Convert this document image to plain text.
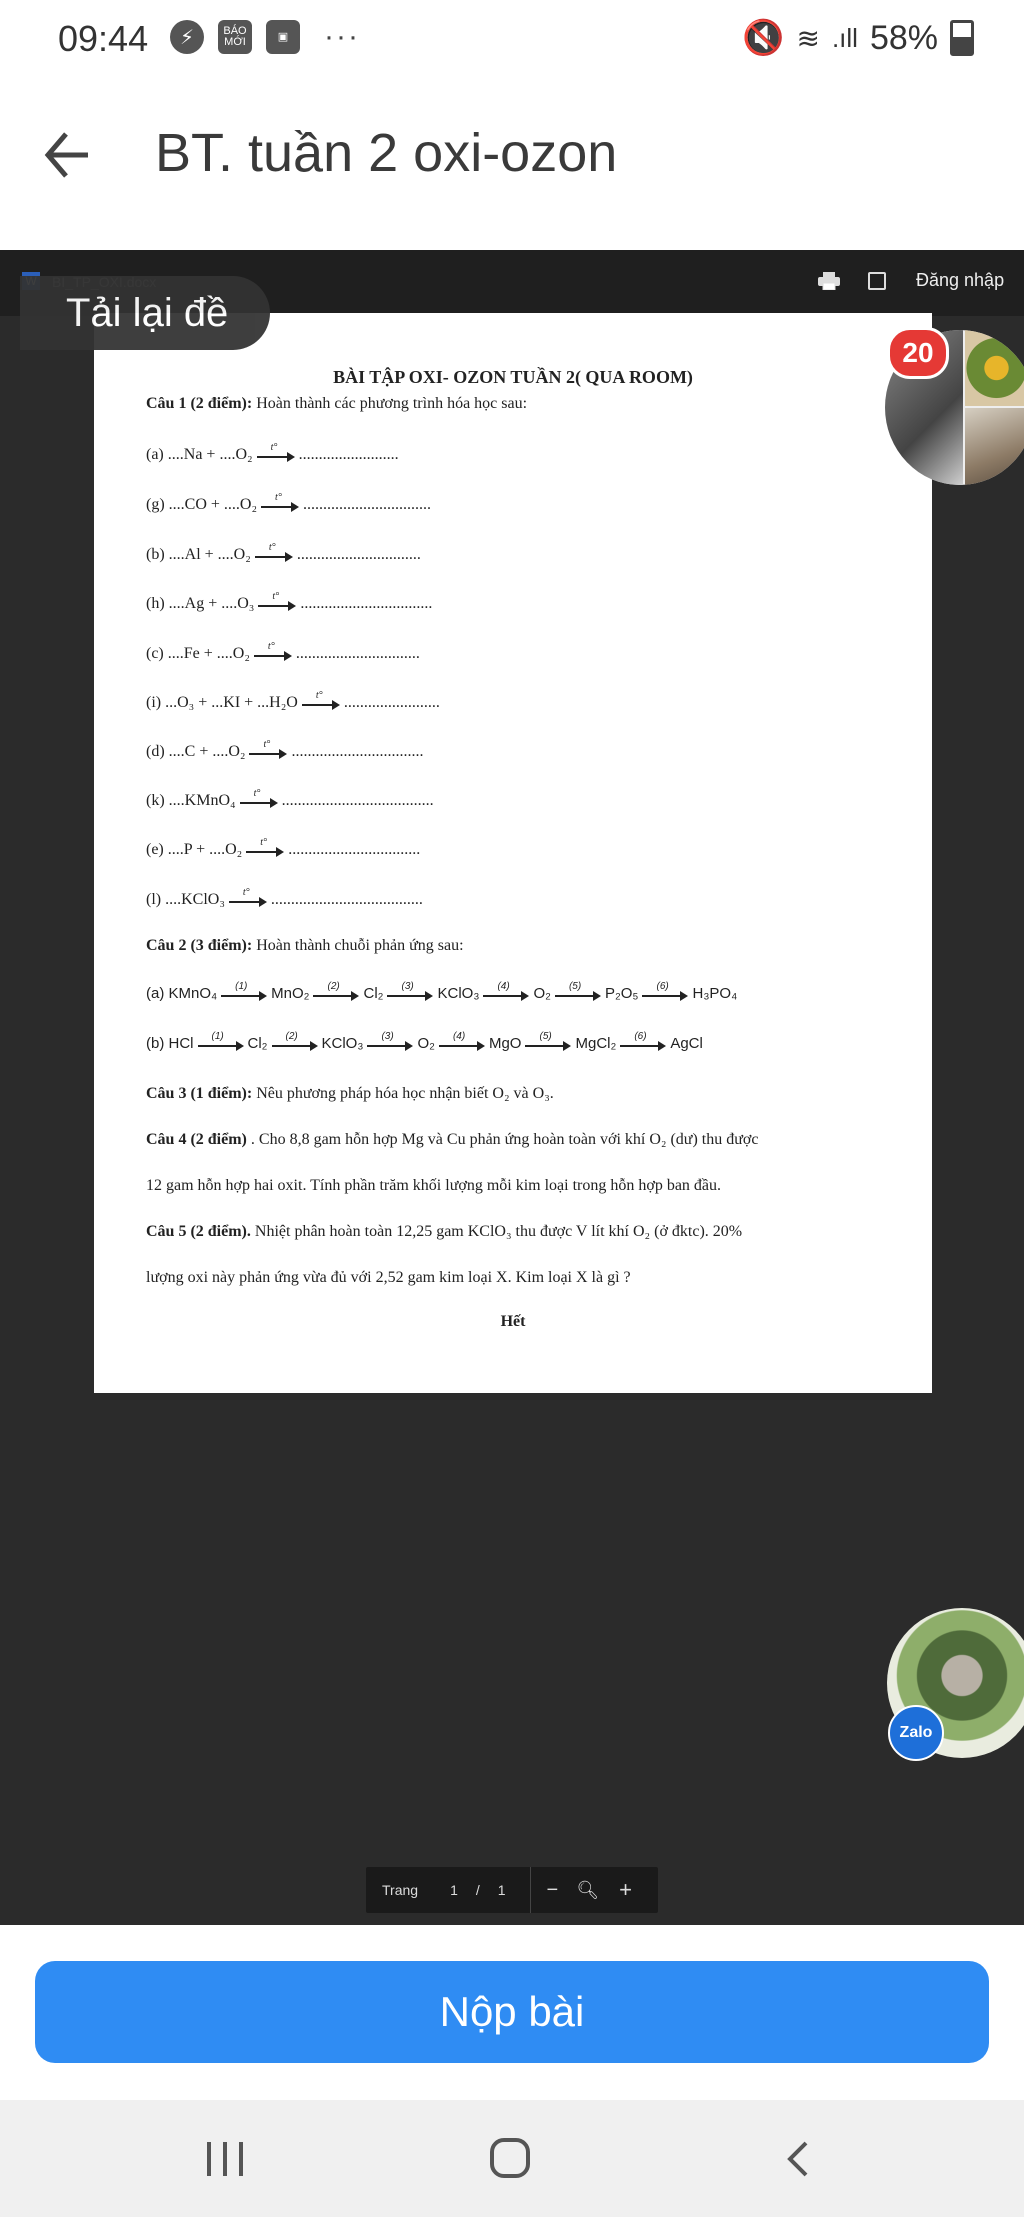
09:44	⚡	BÁO MỚI	▣	···	🔇 ≋ .ıll 58%
BT. tuần 2 oxi-ozon
Đăng nhập
BÀI TẬP OXI- OZON TUẦN 2( QUA ROOM)
Câu 1 (2 điểm): Hoàn thành các phương trình hóa học sau:
(a) ....Na + ....O₂ t° .........................
(g) ....CO + ....O₂ t° ................................
(b) ....Al + ....O₂ t° ...............................
(h) ....Ag + ....O₃ t° .................................
(c) ....Fe + ....O₂ t° ...............................
(i) ...O₃ + ...KI + ...H₂O t° ........................
(d) ....C + ....O₂ t° .................................
(k) ....KMnO₄ t° ......................................
(e) ....P + ....O₂ t° .................................
(l) ....KClO₃ t° ......................................
Câu 2 (3 điểm): Hoàn thành chuỗi phản ứng sau:
(a) KMnO₄ (1) MnO₂ (2) Cl₂ (3) KClO₃ (4) O₂ (5) P₂O₅ (6) H₃PO₄
(b) HCl (1) Cl₂ (2) KClO₃ (3) O₂ (4) MgO (5) MgCl₂ (6) AgCl
Câu 3 (1 điểm): Nêu phương pháp hóa học nhận biết O₂ và O₃.
Câu 4 (2 điểm) . Cho 8,8 gam hỗn hợp Mg và Cu phản ứng hoàn toàn với khí O₂ (dư) thu được
12 gam hỗn hợp hai oxit. Tính phần trăm khối lượng mỗi kim loại trong hỗn hợp ban đầu.
Câu 5 (2 điểm). Nhiệt phân hoàn toàn 12,25 gam KClO₃ thu được V lít khí O₂ (ở đktc). 20%
lượng oxi này phản ứng vừa đủ với 2,52 gam kim loại X. Kim loại X là gì ?
Hết
Tải lại đề
20
Zalo
Trang 1 / 1 − 🔍︎ +
Nộp bài
